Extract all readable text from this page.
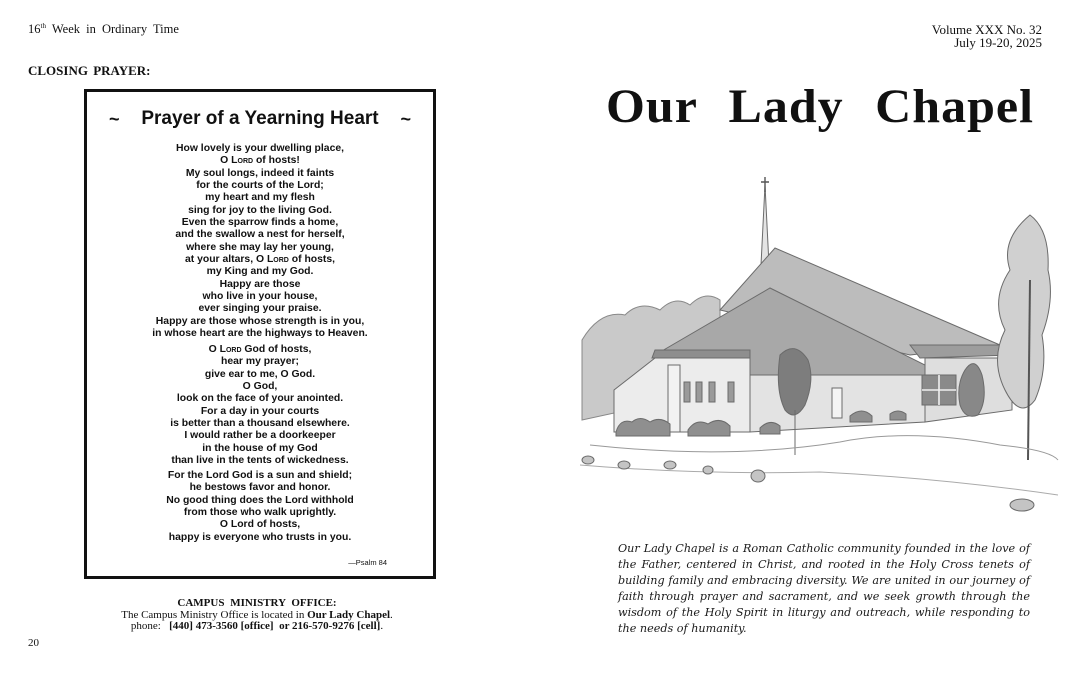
16th Week in Ordinary Time	Volume XXX No. 32
July 19-20, 2025
CLOSING PRAYER:
~ Prayer of a Yearning Heart ~
How lovely is your dwelling place,
O Lord of hosts!
My soul longs, indeed it faints
for the courts of the Lord;
my heart and my flesh
sing for joy to the living God.
Even the sparrow finds a home,
and the swallow a nest for herself,
where she may lay her young,
at your altars, O Lord of hosts,
my King and my God.
Happy are those
who live in your house,
ever singing your praise.
Happy are those whose strength is in you,
in whose heart are the highways to Heaven.
O Lord God of hosts,
hear my prayer;
give ear to me, O God.
O God,
look on the face of your anointed.
For a day in your courts
is better than a thousand elsewhere.
I would rather be a doorkeeper
in the house of my God
than live in the tents of wickedness.
For the Lord God is a sun and shield;
he bestows favor and honor.
No good thing does the Lord withhold
from those who walk uprightly.
O Lord of hosts,
happy is everyone who trusts in you.
—Psalm 84
CAMPUS MINISTRY OFFICE:
The Campus Ministry Office is located in Our Lady Chapel.
phone:   [440] 473-3560 [office]  or 216-570-9276 [cell].
20
Our Lady Chapel
Our Lady Chapel is a Roman Catholic community founded in the love of the Father, centered in Christ, and rooted in the Holy Cross tenets of building family and embracing diversity. We are united in our journey of faith through prayer and sacrament, and we seek growth through the wisdom of the Holy Spirit in liturgy and outreach, while responding to the needs of humanity.
